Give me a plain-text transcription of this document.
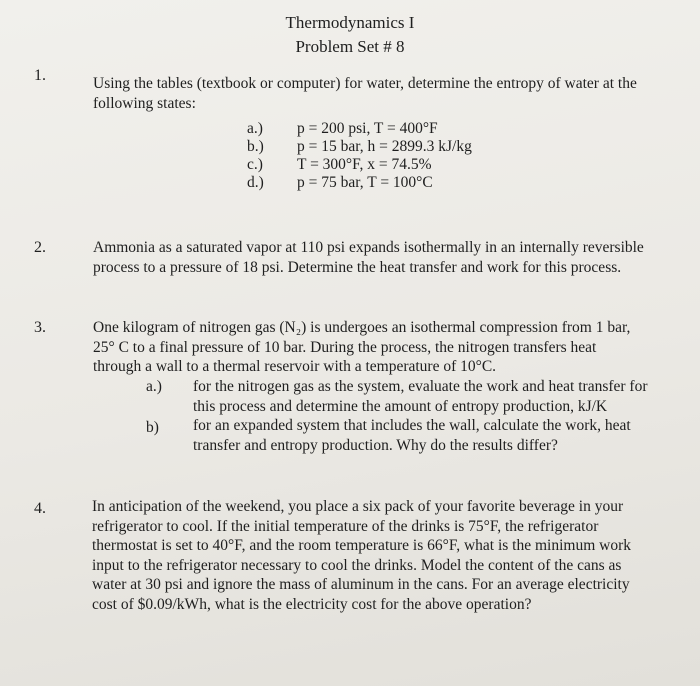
Thermodynamics I
Problem Set # 8
1.	Using the tables (textbook or computer) for water, determine the entropy of water at the
following states:
a.)	p = 200 psi, T = 400°F
b.)	p = 15 bar, h = 2899.3 kJ/kg
c.)	T = 300°F, x = 74.5%
d.)	p = 75 bar, T = 100°C
2.	Ammonia as a saturated vapor at 110 psi expands isothermally in an internally reversible
process to a pressure of 18 psi. Determine the heat transfer and work for this process.
3.	One kilogram of nitrogen gas (N₂) is undergoes an isothermal compression from 1 bar,
25° C to a final pressure of 10 bar. During the process, the nitrogen transfers heat
through a wall to a thermal reservoir with a temperature of 10°C.
a.) for the nitrogen gas as the system, evaluate the work and heat transfer for
this process and determine the amount of entropy production, kJ/K
b) for an expanded system that includes the wall, calculate the work, heat
transfer and entropy production. Why do the results differ?
4.	In anticipation of the weekend, you place a six pack of your favorite beverage in your
refrigerator to cool. If the initial temperature of the drinks is 75°F, the refrigerator
thermostat is set to 40°F, and the room temperature is 66°F, what is the minimum work
input to the refrigerator necessary to cool the drinks. Model the content of the cans as
water at 30 psi and ignore the mass of aluminum in the cans. For an average electricity
cost of $0.09/kWh, what is the electricity cost for the above operation?
